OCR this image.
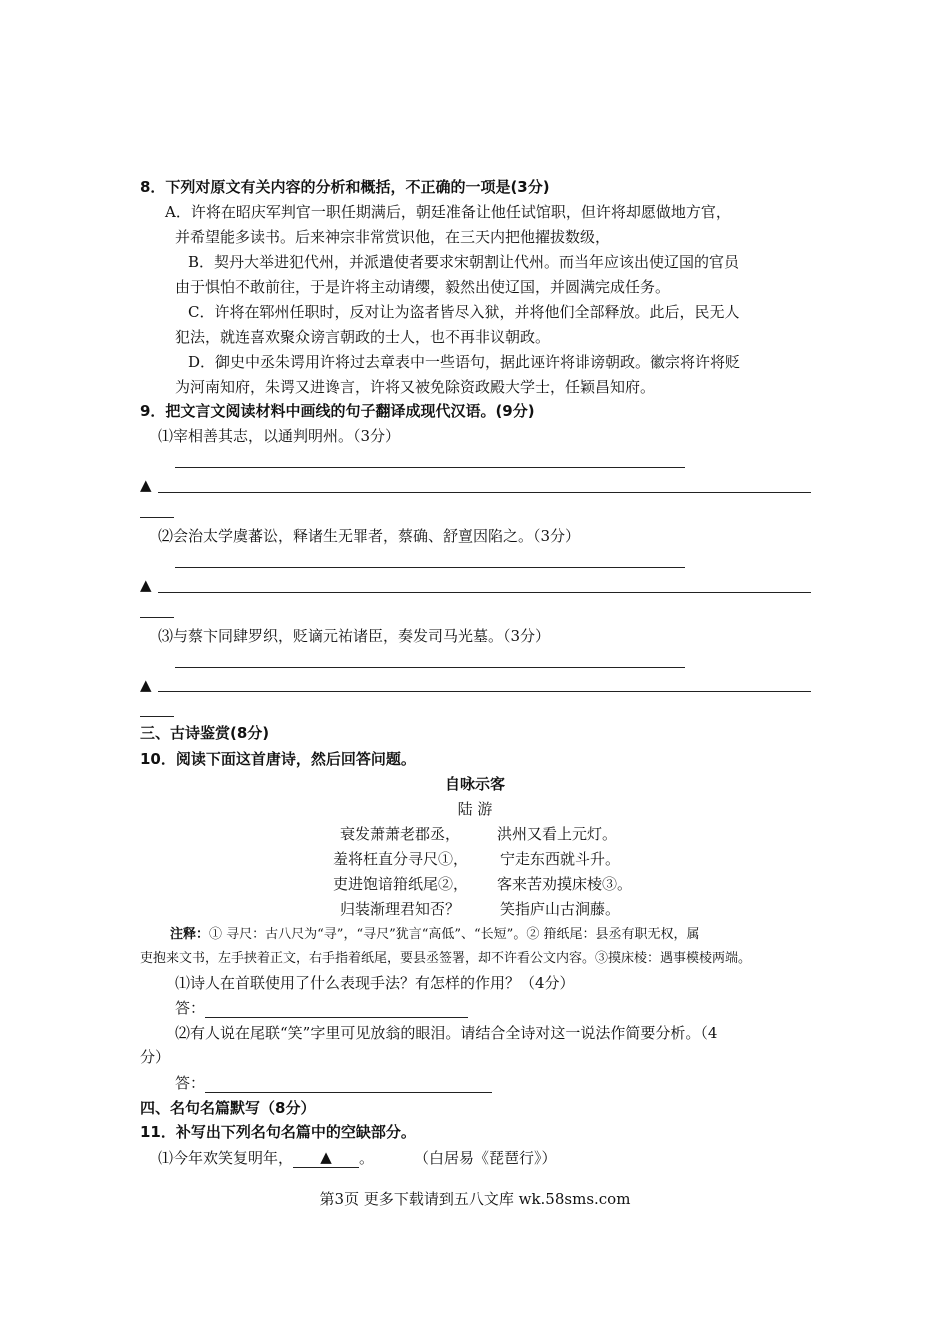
8．下列对原文有关内容的分析和概括，不正确的一项是(3分)
A．许将在昭庆军判官一职任期满后，朝廷准备让他任试馆职，但许将却愿做地方官，
并希望能多读书。后来神宗非常赏识他，在三天内把他擢拔数级，
B．契丹大举进犯代州，并派遣使者要求宋朝割让代州。而当年应该出使辽国的官员
由于惧怕不敢前往，于是许将主动请缨，毅然出使辽国，并圆满完成任务。
C．许将在郓州任职时，反对让为盗者皆尽入狱，并将他们全部释放。此后，民无人
犯法，就连喜欢聚众谤言朝政的士人，也不再非议朝政。
D．御史中丞朱谔用许将过去章表中一些语句，据此诬许将诽谤朝政。徽宗将许将贬
为河南知府，朱谔又进谗言，许将又被免除资政殿大学士，任颖昌知府。
9．把文言文阅读材料中画线的句子翻译成现代汉语。(9分)
⑴宰相善其志，以通判明州。（3分）
▲
⑵会治太学虞蕃讼，释诸生无罪者，蔡确、舒亶因陷之。（3分）
▲
⑶与蔡卞同肆罗织，贬谪元祐诸臣，奏发司马光墓。（3分）
▲
三、古诗鉴赏(8分)
10．阅读下面这首唐诗，然后回答问题。
自咏示客
陆 游
衰发萧萧老郡丞， 洪州又看上元灯。
羞将枉直分寻尺①， 宁走东西就斗升。
吏进饱谙箝纸尾②， 客来苦劝摸床棱③。
归装渐理君知否？	笑指庐山古涧藤。
注释：① 寻尺：古八尺为“寻”，“寻尺”犹言“高低”、“长短”。② 箝纸尾：县丞有职无权，属
吏抱来文书，左手挟着正文，右手指着纸尾，要县丞签署，却不许看公文内容。③摸床棱：遇事模棱两端。
⑴诗人在首联使用了什么表现手法？有怎样的作用？（4分）
答：
⑵有人说在尾联“笑”字里可见放翁的眼泪。请结合全诗对这一说法作简要分析。（4
分）
答：
四、名句名篇默写（8分）
11．补写出下列名句名篇中的空缺部分。
⑴今年欢笑复明年， ▲ 。	（白居易《琵琶行》）
第3页 更多下载请到五八文库 wk.58sms.com
